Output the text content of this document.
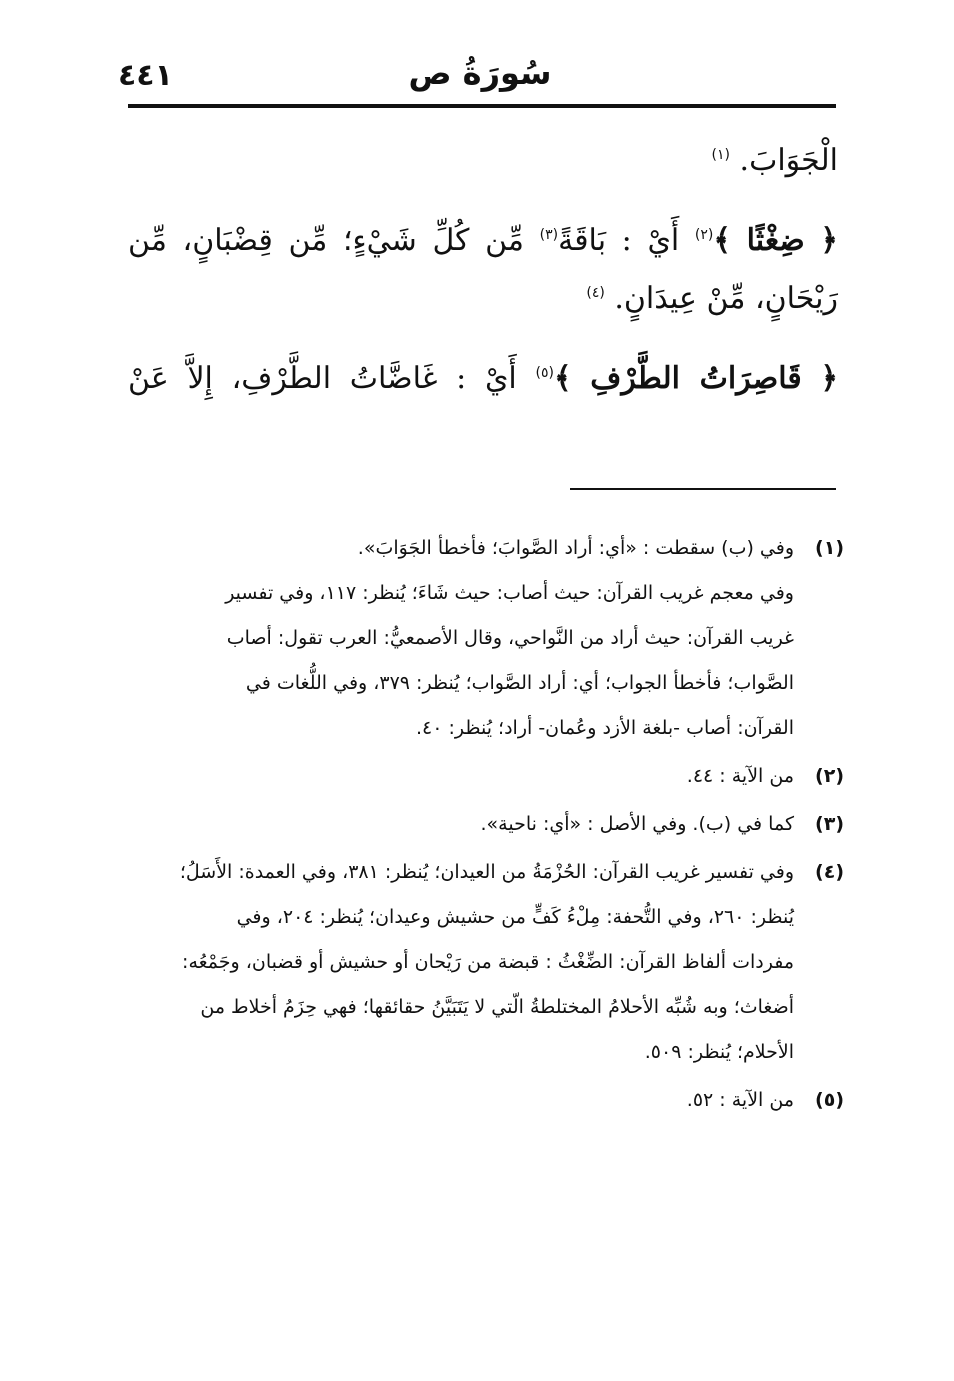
٤٤١	سُورَةُ ص

الْجَوَابَ. $^{(١)}$

﴿ ضِغْثًا ﴾$^{(٢)}$ أَيْ : بَاقَةً$^{(٣)}$ مِّن كُلِّ شَيْءٍ؛ مِّن قِضْبَانٍ، مِّن

رَيْحَانٍ، مِّنْ عِيدَانٍ. $^{(٤)}$

﴿ قَاصِرَاتُ الطَّرْفِ ﴾$^{(٥)}$ أَيْ : غَاضَّاتُ الطَّرْفِ، إِلاَّ عَنْ

(١)وفي (ب) سقطت : «أي: أراد الصَّوابَ؛ فأخطأ الجَوَابَ».
وفي معجم غريب القرآن: حيث أصاب: حيث شَاءَ؛ يُنظر: ١١٧، وفي تفسير
غريب القرآن: حيث أراد من النَّواحي، وقال الأصمعيُّ: العرب تقول: أصاب
الصَّواب؛ فأخطأ الجواب؛ أي: أراد الصَّواب؛ يُنظر: ٣٧٩، وفي اللُّغات في
القرآن: أصاب -بلغة الأزد وعُمان- أراد؛ يُنظر: ٤٠.
(٢)من الآية : ٤٤.
(٣)كما في (ب). وفي الأصل : «أي: ناحية».
(٤)وفي تفسير غريب القرآن: الحُزْمَةُ من العيدان؛ يُنظر: ٣٨١، وفي العمدة: الأَسَلُ؛
يُنظر: ٢٦٠، وفي التُّحفة: مِلْءُ كَفٍّ من حشيش وعيدان؛ يُنظر: ٢٠٤، وفي
مفردات ألفاظ القرآن: الضِّغْثُ : قبضة من رَيْحان أو حشيش أو قضبان، وجَمْعُه:
أضغاث؛ وبه شُبِّه الأحلامُ المختلطةُ الّتي لا يَتَبَيَّنُ حقائقها؛ فهي حِزَمُ أخلاط من
الأحلام؛ يُنظر: ٥٠٩.
(٥)من الآية : ٥٢.
